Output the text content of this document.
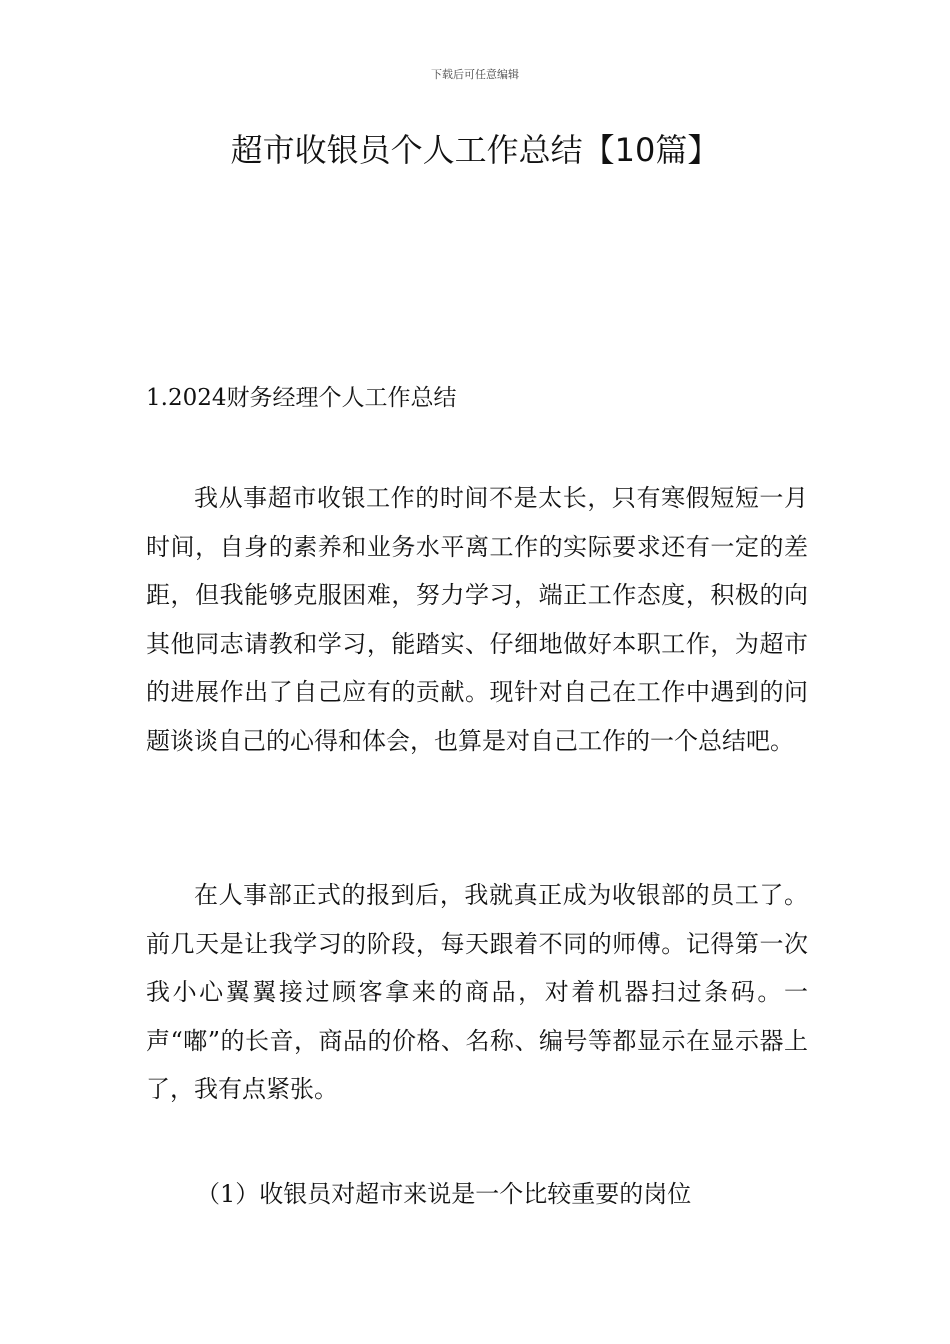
下载后可任意编辑
超市收银员个人工作总结【10篇】
1.2024财务经理个人工作总结

我从事超市收银工作的时间不是太长，只有寒假短短一月时间，自身的素养和业务水平离工作的实际要求还有一定的差距，但我能够克服困难，努力学习，端正工作态度，积极的向其他同志请教和学习，能踏实、仔细地做好本职工作，为超市的进展作出了自己应有的贡献。现针对自己在工作中遇到的问题谈谈自己的心得和体会，也算是对自己工作的一个总结吧。

在人事部正式的报到后，我就真正成为收银部的员工了。前几天是让我学习的阶段，每天跟着不同的师傅。记得第一次我小心翼翼接过顾客拿来的商品，对着机器扫过条码。一声“嘟”的长音，商品的价格、名称、编号等都显示在显示器上了，我有点紧张。

（1）收银员对超市来说是一个比较重要的岗位
